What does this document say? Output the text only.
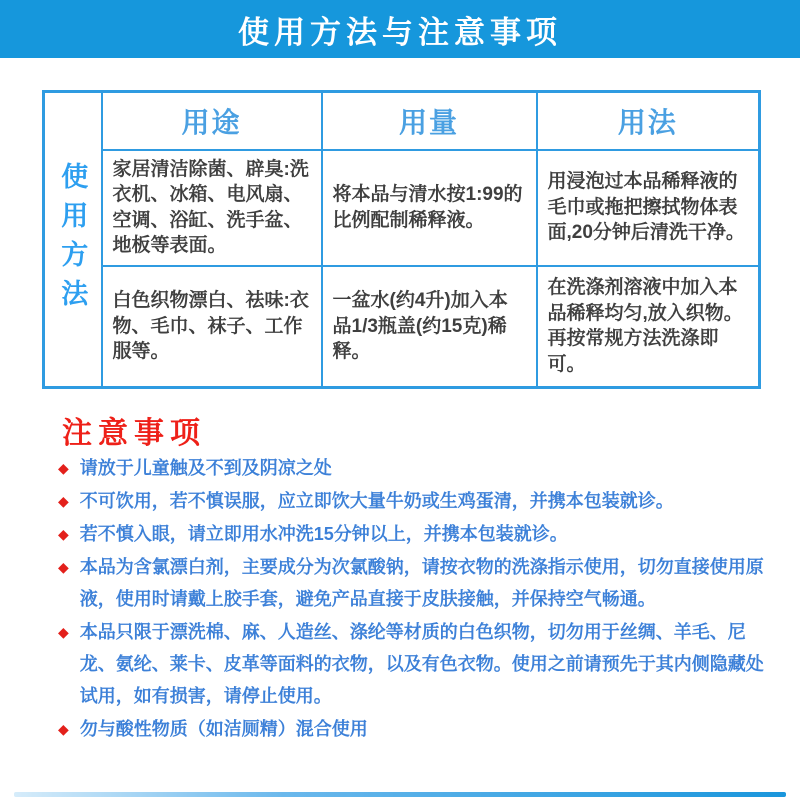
使用方法与注意事项
使用方法	用途	用量	用法
	家居清洁除菌、辟臭:洗衣机、冰箱、电风扇、空调、浴缸、洗手盆、地板等表面。	将本品与清水按1:99的比例配制稀释液。	用浸泡过本品稀释液的毛巾或拖把擦拭物体表面,20分钟后清洗干净。
	白色织物漂白、祛味:衣物、毛巾、袜子、工作服等。	一盆水(约4升)加入本品1/3瓶盖(约15克)稀释。	在洗涤剂溶液中加入本品稀释均匀,放入织物。再按常规方法洗涤即可。
注意事项
◆ 请放于儿童触及不到及阴凉之处
◆ 不可饮用，若不慎误服，应立即饮大量牛奶或生鸡蛋清，并携本包装就诊。
◆ 若不慎入眼，请立即用水冲洗15分钟以上，并携本包装就诊。
◆ 本品为含氯漂白剂，主要成分为次氯酸钠，请按衣物的洗涤指示使用，切勿直接使用原液，使用时请戴上胶手套，避免产品直接于皮肤接触，并保持空气畅通。
◆ 本品只限于漂洗棉、麻、人造丝、涤纶等材质的白色织物，切勿用于丝绸、羊毛、尼龙、氨纶、莱卡、皮革等面料的衣物，以及有色衣物。使用之前请预先于其内侧隐藏处试用，如有损害，请停止使用。
◆ 勿与酸性物质（如洁厕精）混合使用
